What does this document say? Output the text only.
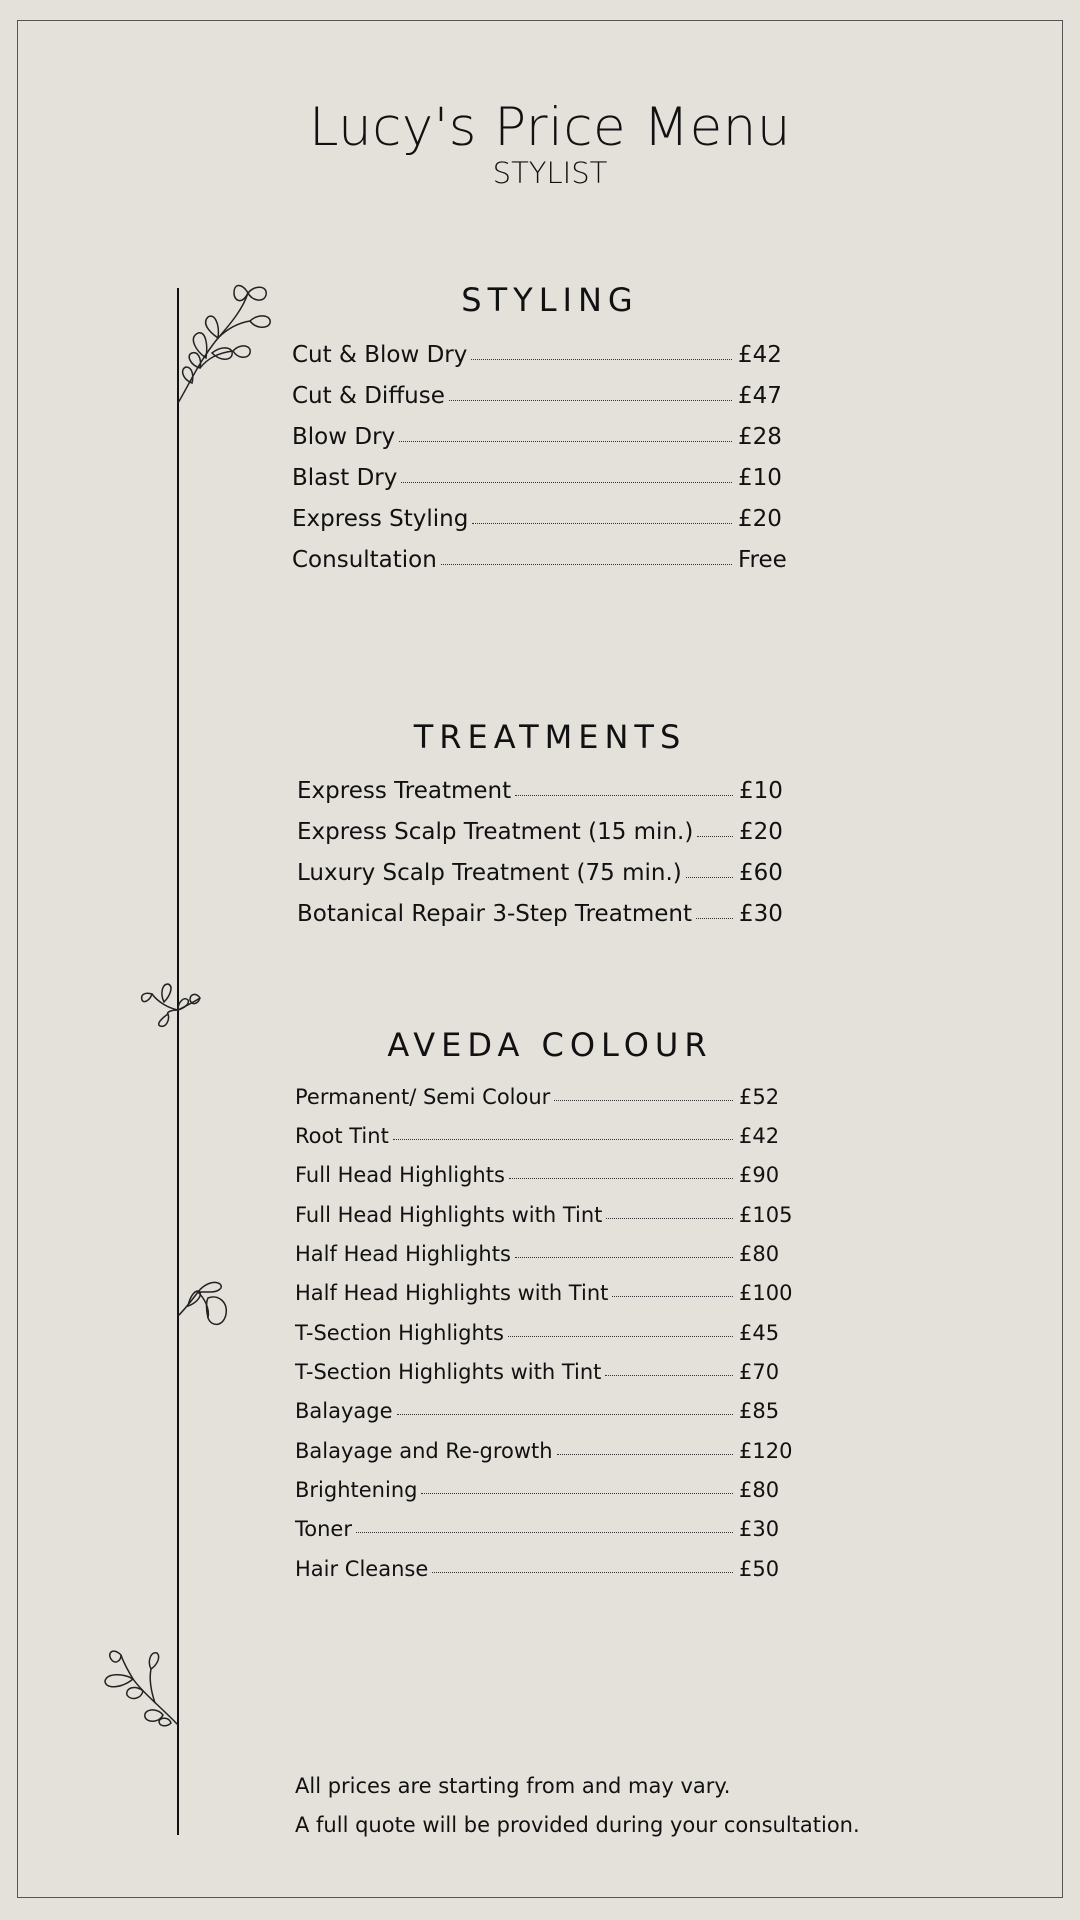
Lucy's Price Menu
STYLIST
STYLING
Cut & Blow Dry	£42
Cut & Diffuse	£47
Blow Dry	£28
Blast Dry	£10
Express Styling	£20
Consultation	Free
TREATMENTS
Express Treatment	£10
Express Scalp Treatment (15 min.) £20
Luxury Scalp Treatment (75 min.) £60
Botanical Repair 3-Step Treatment £30
AVEDA COLOUR
Permanent/ Semi Colour	£52
Root Tint	£42
Full Head Highlights	£90
Full Head Highlights with Tint	£105
Half Head Highlights	£80
Half Head Highlights with Tint	£100
T-Section Highlights	£45
T-Section Highlights with Tint	£70
Balayage	£85
Balayage and Re-growth	£120
Brightening	£80
Toner	£30
Hair Cleanse	£50
All prices are starting from and may vary.
A full quote will be provided during your consultation.
